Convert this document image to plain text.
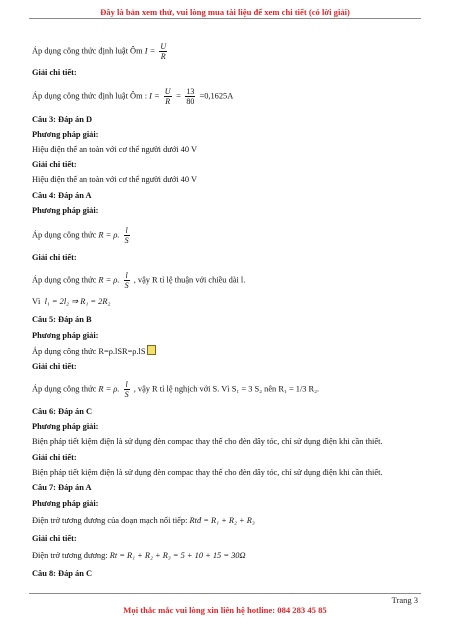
Đây là bản xem thử, vui lòng mua tài liệu để xem chi tiết (có lời giải)
Áp dụng công thức định luật Ôm $I = \frac{U}{R}$
Giải chi tiết:
Áp dụng công thức định luật Ôm : $I = \frac{U}{R} = \frac{13}{80} =0,1625A$
Câu 3: Đáp án D
Phương pháp giải:
Hiệu điện thế an toàn với cơ thể người dưới 40 V
Giải chi tiết:
Hiệu điện thế an toàn với cơ thể người dưới 40 V
Câu 4: Đáp án A
Phương pháp giải:
Áp dụng công thức R = ρ. $\frac{l}{S}$
Giải chi tiết:
Áp dụng công thức R = ρ. $\frac{l}{S}$ , vậy R tỉ lệ thuận với chiều dài l.
Vì l₁ = 2l₂ ⇒ R₁ = 2R₂
Câu 5: Đáp án B
Phương pháp giải:
Áp dụng công thức R=ρ.lSR=ρ.lS
Giải chi tiết:
Áp dụng công thức R = ρ. $\frac{l}{S}$ , vậy R tỉ lệ nghịch với S. Vì S₁ = 3 S₂ nên R₁ = 1/3 R₂.
Câu 6: Đáp án C
Phương pháp giải:
Biện pháp tiết kiệm điện là sử dụng đèn compac thay thế cho đèn dây tóc, chỉ sử dụng điện khi cần thiết.
Giải chi tiết:
Biện pháp tiết kiệm điện là sử dụng đèn compac thay thế cho đèn dây tóc, chỉ sử dụng điện khi cần thiết.
Câu 7: Đáp án A
Phương pháp giải:
Điện trở tương đương của đoạn mạch nối tiếp: Rtđ = R₁ + R₂ + R₃
Giải chi tiết:
Điện trở tương đương: Rt = R₁ + R₂ + R₃ = 5 + 10 + 15 = 30Ω
Câu 8: Đáp án C
Trang 3
Mọi thắc mắc vui lòng xin liên hệ hotline: 084 283 45 85
